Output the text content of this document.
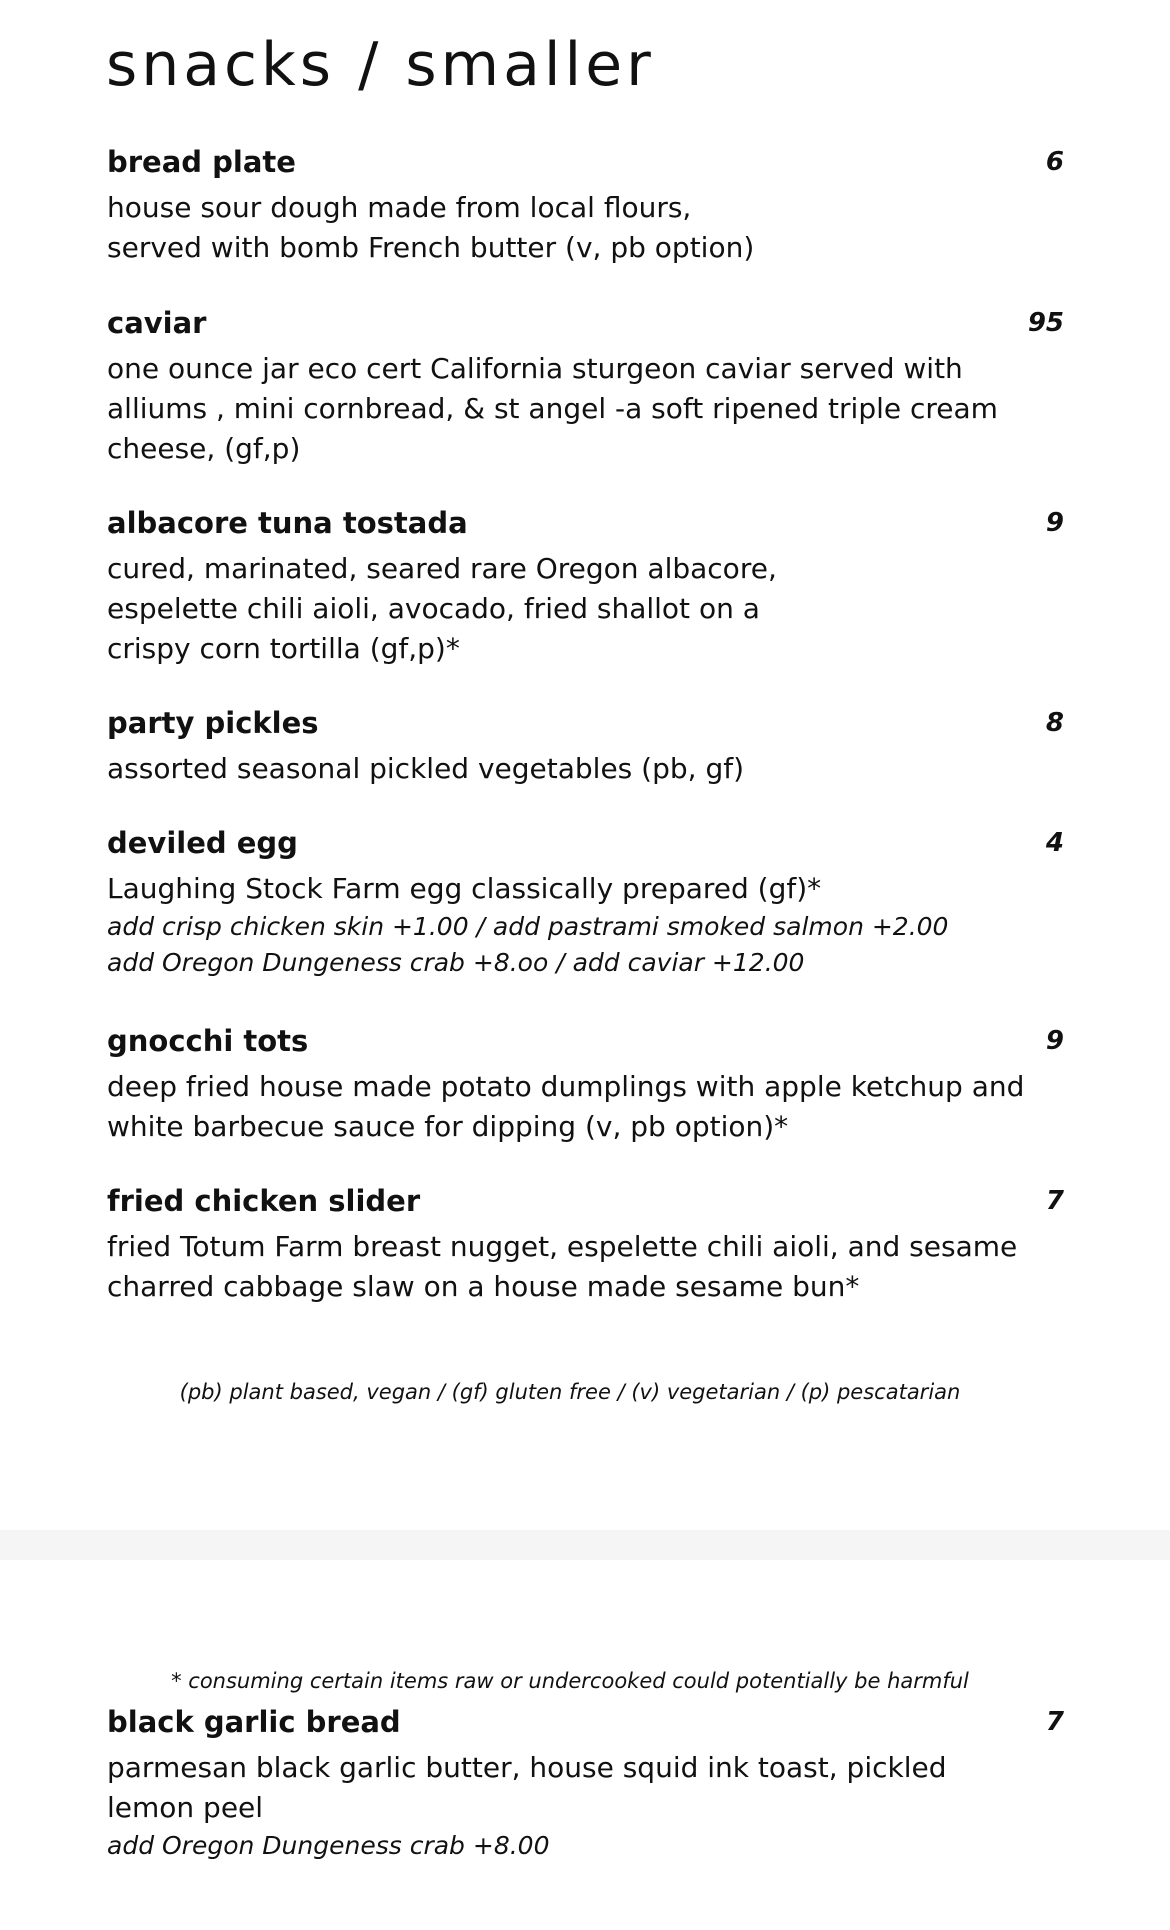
snacks / smaller
bread plate	6
house sour dough made from local flours,
served with bomb French butter (v, pb option)
caviar	95
one ounce jar eco cert California sturgeon caviar served with
alliums , mini cornbread, & st angel -a soft ripened triple cream
cheese, (gf,p)
albacore tuna tostada	9
cured, marinated, seared rare Oregon albacore,
espelette chili aioli, avocado, fried shallot on a
crispy corn tortilla (gf,p)*
party pickles	8
assorted seasonal pickled vegetables (pb, gf)
deviled egg	4
Laughing Stock Farm egg classically prepared (gf)*
add crisp chicken skin +1.00 / add pastrami smoked salmon +2.00
add Oregon Dungeness crab +8.oo / add caviar +12.00
gnocchi tots	9
deep fried house made potato dumplings with apple ketchup and
white barbecue sauce for dipping (v, pb option)*
fried chicken slider	7
fried Totum Farm breast nugget, espelette chili aioli, and sesame
charred cabbage slaw on a house made sesame bun*
(pb) plant based, vegan / (gf) gluten free / (v) vegetarian / (p) pescatarian
* consuming certain items raw or undercooked could potentially be harmful
black garlic bread	7
parmesan black garlic butter, house squid ink toast, pickled
lemon peel
add Oregon Dungeness crab +8.00
